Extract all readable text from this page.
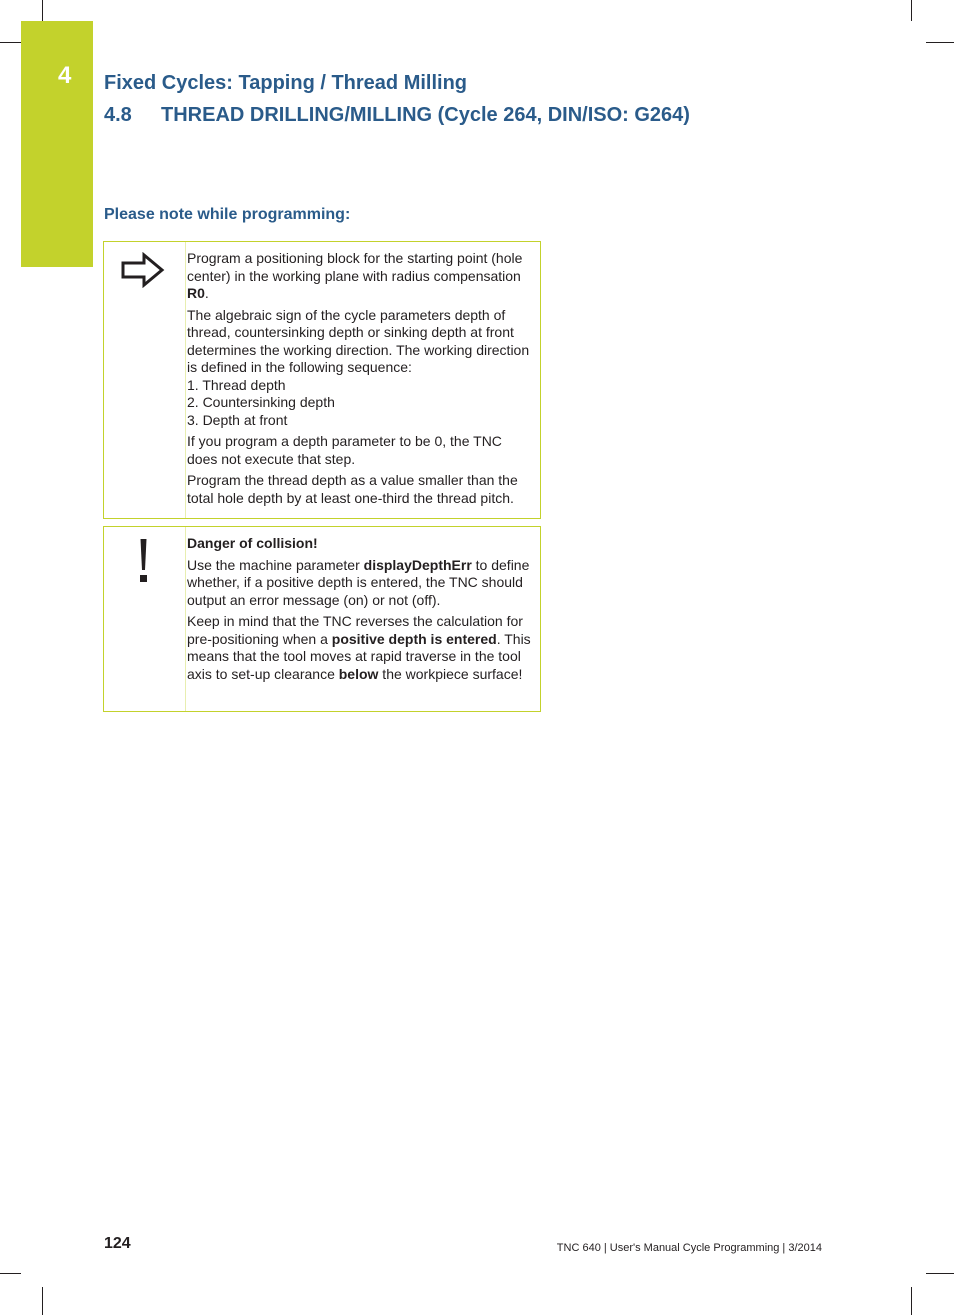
4 Fixed Cycles: Tapping / Thread Milling
4.8 THREAD DRILLING/MILLING (Cycle 264, DIN/ISO: G264)
Please note while programming:

Program a positioning block for the starting point (hole center) in the working plane with radius compensation R0.

The algebraic sign of the cycle parameters depth of thread, countersinking depth or sinking depth at front determines the working direction. The working direction is defined in the following sequence:
1. Thread depth
2. Countersinking depth
3. Depth at front

If you program a depth parameter to be 0, the TNC does not execute that step.

Program the thread depth as a value smaller than the total hole depth by at least one-third the thread pitch.

Danger of collision!

Use the machine parameter displayDepthErr to define whether, if a positive depth is entered, the TNC should output an error message (on) or not (off).

Keep in mind that the TNC reverses the calculation for pre-positioning when a positive depth is entered. This means that the tool moves at rapid traverse in the tool axis to set-up clearance below the workpiece surface!

124	TNC 640 | User's Manual Cycle Programming | 3/2014
